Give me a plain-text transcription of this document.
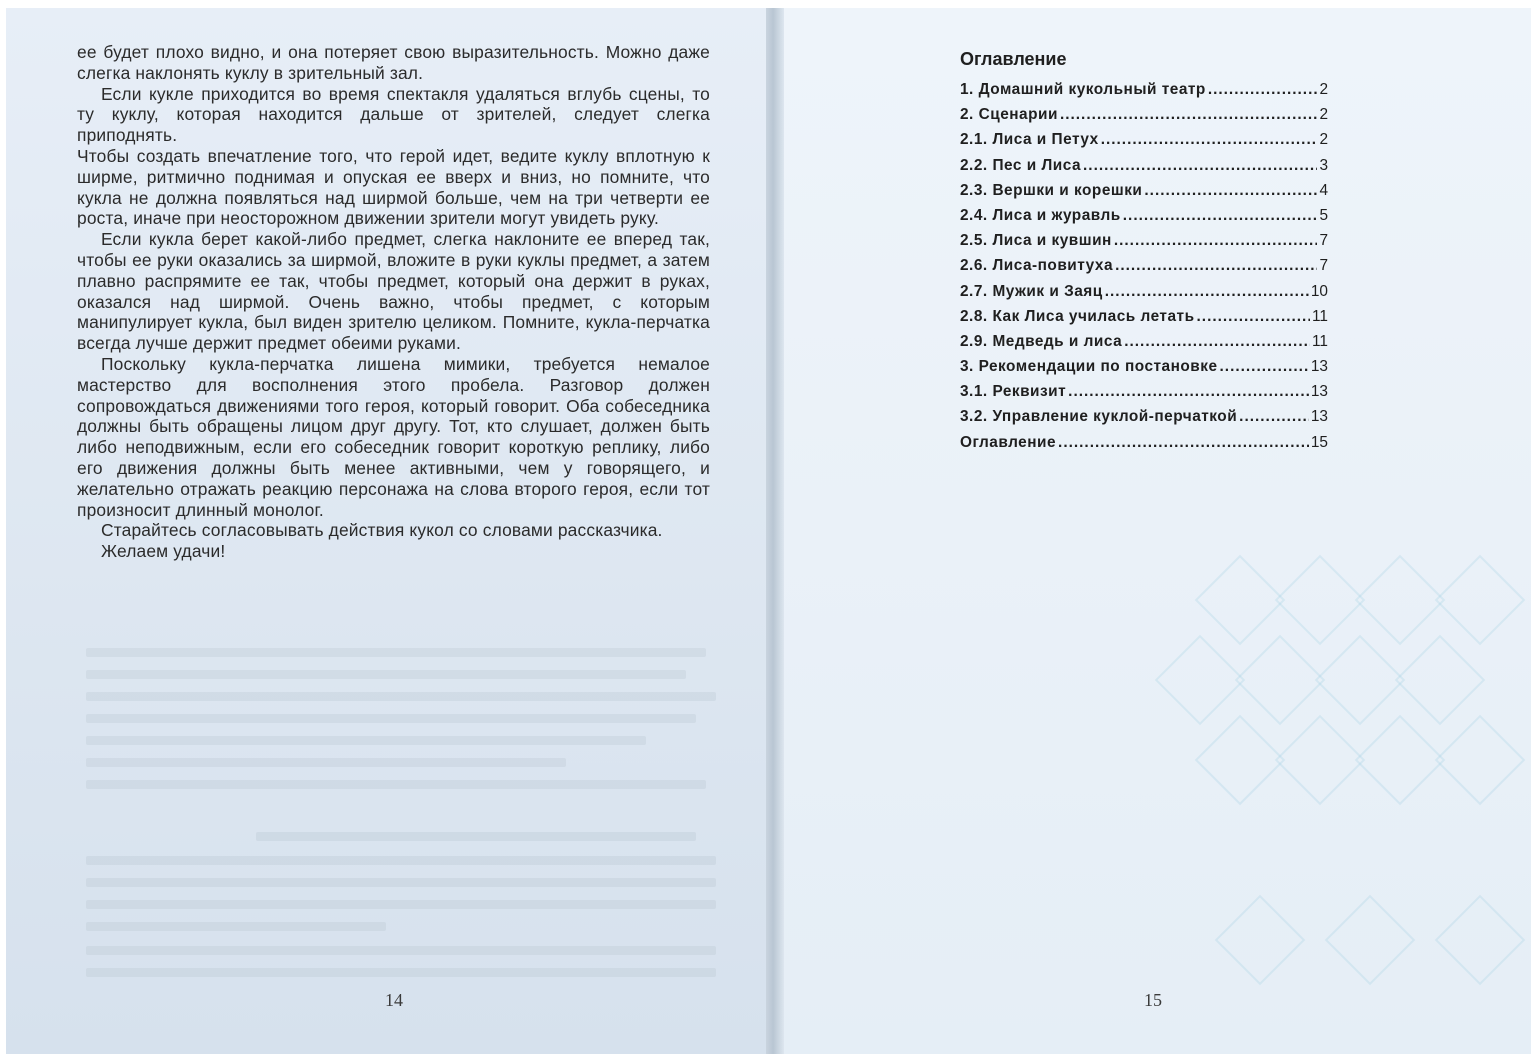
ее будет плохо видно, и она потеряет свою выразительность. Можно даже слегка наклонять куклу в зрительный зал.

Если кукле приходится во время спектакля удаляться вглубь сцены, то ту куклу, которая находится дальше от зрителей, следует слегка приподнять.

Чтобы создать впечатление того, что герой идет, ведите куклу вплотную к ширме, ритмично поднимая и опуская ее вверх и вниз, но помните, что кукла не должна появляться над ширмой больше, чем на три четверти ее роста, иначе при неосторожном движении зрители могут увидеть руку.

Если кукла берет какой-либо предмет, слегка наклоните ее вперед так, чтобы ее руки оказались за ширмой, вложите в руки куклы предмет, а затем плавно распрямите ее так, чтобы предмет, который она держит в руках, оказался над ширмой. Очень важно, чтобы предмет, с которым манипулирует кукла, был виден зрителю целиком. Помните, кукла-перчатка всегда лучше держит предмет обеими руками.

Поскольку кукла-перчатка лишена мимики, требуется немалое мастерство для восполнения этого пробела. Разговор должен сопровождаться движениями того героя, который говорит. Оба собеседника должны быть обращены лицом друг другу. Тот, кто слушает, должен быть либо неподвижным, если его собеседник говорит короткую реплику, либо его движения должны быть менее активными, чем у говорящего, и желательно отражать реакцию персонажа на слова второго героя, если тот произносит длинный монолог.

Старайтесь согласовывать действия кукол со словами рассказчика.

Желаем удачи!

14
Оглавление
1. Домашний кукольный театр .....	2
2. Сценарии .....	2
2.1. Лиса и Петух .....	2
2.2. Пес и Лиса .....	3
2.3. Вершки и корешки .....	4
2.4. Лиса и журавль .....	5
2.5. Лиса и кувшин .....	7
2.6. Лиса-повитуха .....	7
2.7. Мужик и Заяц .....	10
2.8. Как Лиса училась летать .....	11
2.9. Медведь и лиса .....	11
3. Рекомендации по постановке .....	13
3.1. Реквизит .....	13
3.2. Управление куклой-перчаткой .....	13
Оглавление .....	15
15
